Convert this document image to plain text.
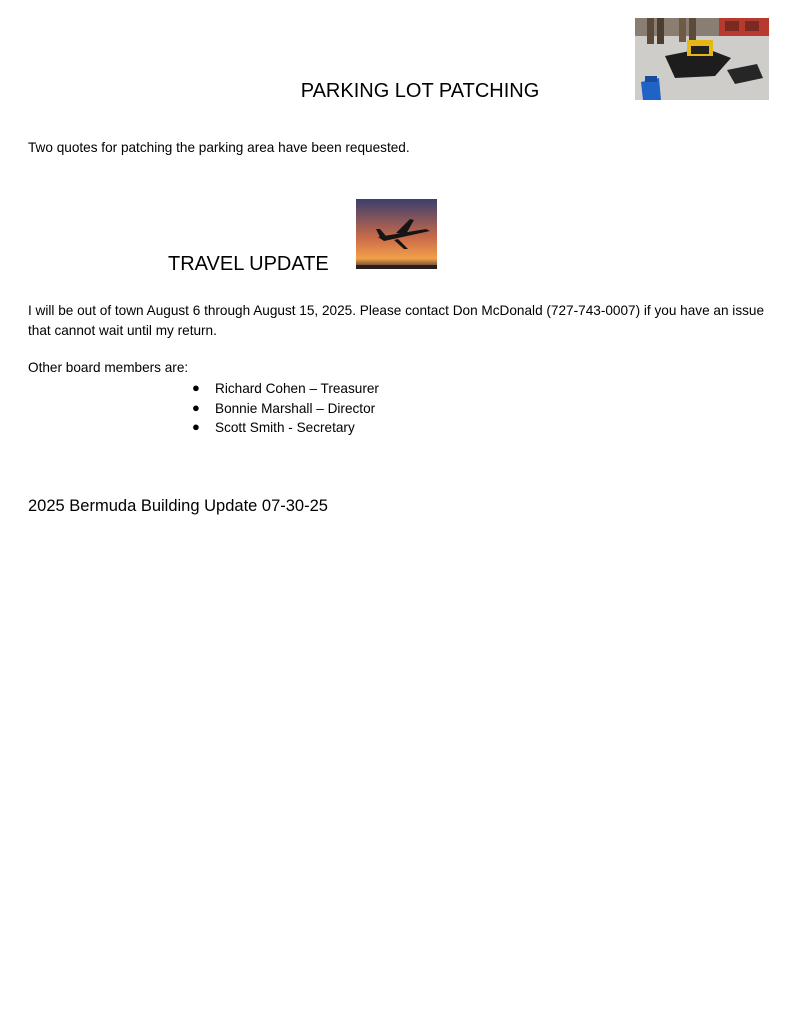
PARKING LOT PATCHING
Two quotes for patching the parking area have been requested.
TRAVEL UPDATE
I will be out of town August 6 through August 15, 2025. Please contact Don McDonald (727-743-0007) if you have an issue that cannot wait until my return.
Other board members are:
● Richard Cohen – Treasurer
● Bonnie Marshall – Director
● Scott Smith - Secretary
2025 Bermuda Building Update 07-30-25
